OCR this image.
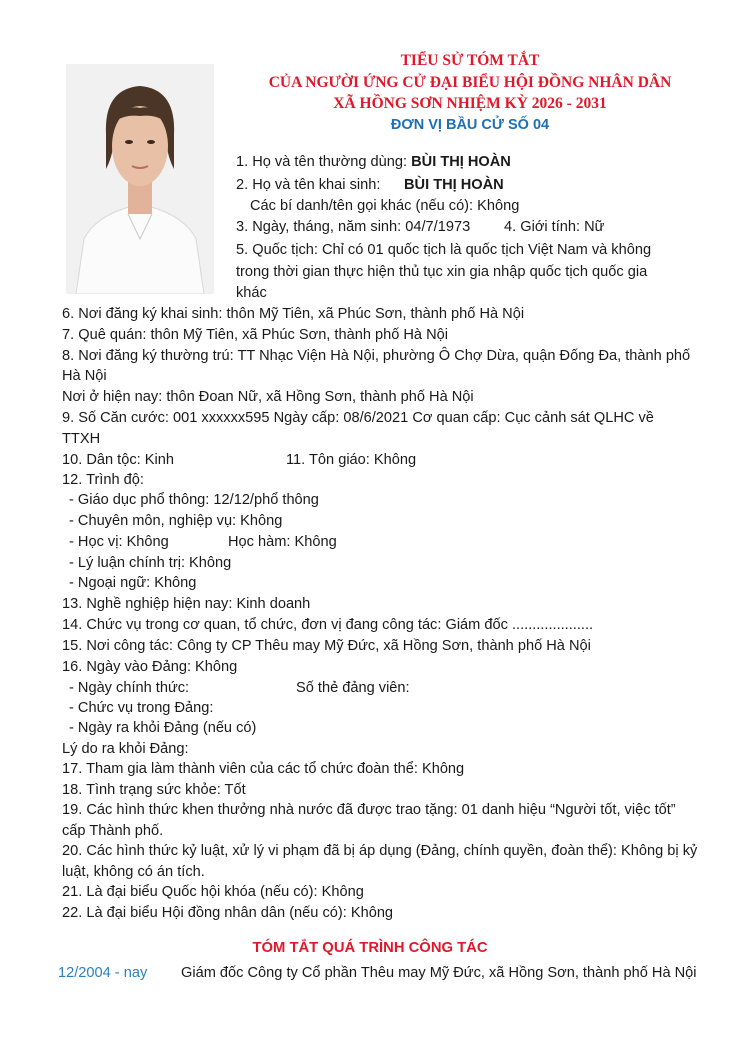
TIỂU SỬ TÓM TẮT
CỦA NGƯỜI ỨNG CỬ ĐẠI BIỂU HỘI ĐỒNG NHÂN DÂN
XÃ HỒNG SƠN NHIỆM KỲ 2026 - 2031
ĐƠN VỊ BẦU CỬ SỐ 04
1. Họ và tên thường dùng: BÙI THỊ HOÀN
2. Họ và tên khai sinh: BÙI THỊ HOÀN
Các bí danh/tên gọi khác (nếu có): Không
3. Ngày, tháng, năm sinh: 04/7/1973 4. Giới tính: Nữ
5. Quốc tịch: Chỉ có 01 quốc tịch là quốc tịch Việt Nam và không
trong thời gian thực hiện thủ tục xin gia nhập quốc tịch quốc gia
khác
6. Nơi đăng ký khai sinh: thôn Mỹ Tiên, xã Phúc Sơn, thành phố Hà Nội
7. Quê quán: thôn Mỹ Tiên, xã Phúc Sơn, thành phố Hà Nội
8. Nơi đăng ký thường trú: TT Nhạc Viện Hà Nội, phường Ô Chợ Dừa, quận Đống Đa, thành phố
Hà Nội
Nơi ở hiện nay: thôn Đoan Nữ, xã Hồng Sơn, thành phố Hà Nội
9. Số Căn cước: 001 xxxxxx595 Ngày cấp: 08/6/2021 Cơ quan cấp: Cục cảnh sát QLHC về
TTXH
10. Dân tộc: Kinh	11. Tôn giáo: Không
12. Trình độ:
- Giáo dục phổ thông: 12/12/phổ thông
- Chuyên môn, nghiệp vụ: Không
- Học vị: Không	Học hàm: Không
- Lý luận chính trị: Không
- Ngoại ngữ: Không
13. Nghề nghiệp hiện nay: Kinh doanh
14. Chức vụ trong cơ quan, tổ chức, đơn vị đang công tác: Giám đốc ....................
15. Nơi công tác: Công ty CP Thêu may Mỹ Đức, xã Hồng Sơn, thành phố Hà Nội
16. Ngày vào Đảng: Không
- Ngày chính thức:	Số thẻ đảng viên:
- Chức vụ trong Đảng:
- Ngày ra khỏi Đảng (nếu có)
Lý do ra khỏi Đảng:
17. Tham gia làm thành viên của các tổ chức đoàn thể: Không
18. Tình trạng sức khỏe: Tốt
19. Các hình thức khen thưởng nhà nước đã được trao tặng: 01 danh hiệu “Người tốt, việc tốt”
cấp Thành phố.
20. Các hình thức kỷ luật, xử lý vi phạm đã bị áp dụng (Đảng, chính quyền, đoàn thể): Không bị kỷ
luật, không có án tích.
21. Là đại biểu Quốc hội khóa (nếu có): Không
22. Là đại biểu Hội đồng nhân dân (nếu có): Không
TÓM TẮT QUÁ TRÌNH CÔNG TÁC
12/2004 - nay Giám đốc Công ty Cổ phần Thêu may Mỹ Đức, xã Hồng Sơn, thành phố Hà Nội
